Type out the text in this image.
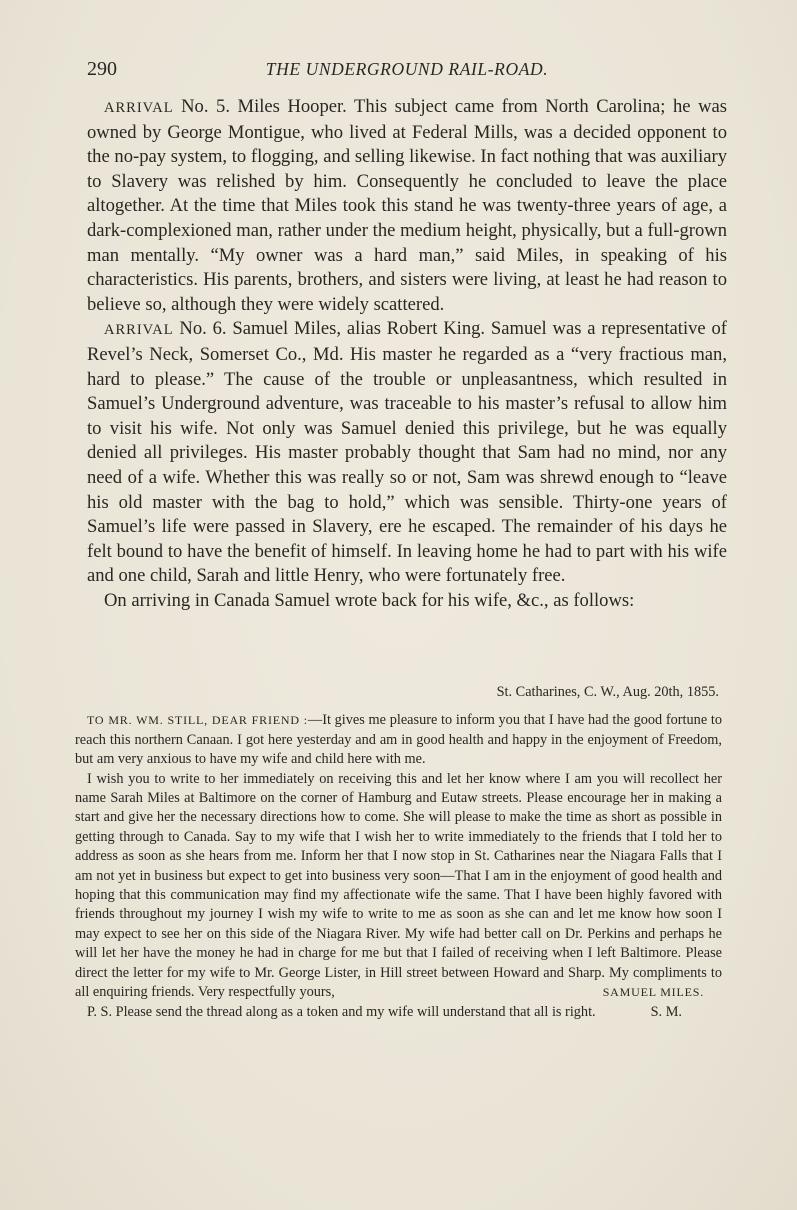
290	THE UNDERGROUND RAIL-ROAD.

ARRIVAL No. 5. Miles Hooper. This subject came from North Carolina; he was owned by George Montigue, who lived at Federal Mills, was a decided opponent to the no-pay system, to flogging, and selling likewise. In fact nothing that was auxiliary to Slavery was relished by him. Consequently he concluded to leave the place altogether. At the time that Miles took this stand he was twenty-three years of age, a dark-complexioned man, rather under the medium height, physically, but a full-grown man mentally. “My owner was a hard man,” said Miles, in speaking of his characteristics. His parents, brothers, and sisters were living, at least he had reason to believe so, although they were widely scattered.

ARRIVAL No. 6. Samuel Miles, alias Robert King. Samuel was a representative of Revel’s Neck, Somerset Co., Md. His master he regarded as a “very fractious man, hard to please.” The cause of the trouble or unpleasantness, which resulted in Samuel’s Underground adventure, was traceable to his master’s refusal to allow him to visit his wife. Not only was Samuel denied this privilege, but he was equally denied all privileges. His master probably thought that Sam had no mind, nor any need of a wife. Whether this was really so or not, Sam was shrewd enough to “leave his old master with the bag to hold,” which was sensible. Thirty-one years of Samuel’s life were passed in Slavery, ere he escaped. The remainder of his days he felt bound to have the benefit of himself. In leaving home he had to part with his wife and one child, Sarah and little Henry, who were fortunately free.

On arriving in Canada Samuel wrote back for his wife, &c., as follows:

St. Catharines, C. W., Aug. 20th, 1855.

TO MR. WM. STILL, DEAR FRIEND :—It gives me pleasure to inform you that I have had the good fortune to reach this northern Canaan. I got here yesterday and am in good health and happy in the enjoyment of Freedom, but am very anxious to have my wife and child here with me.

I wish you to write to her immediately on receiving this and let her know where I am you will recollect her name Sarah Miles at Baltimore on the corner of Hamburg and Eutaw streets. Please encourage her in making a start and give her the necessary directions how to come. She will please to make the time as short as possible in getting through to Canada. Say to my wife that I wish her to write immediately to the friends that I told her to address as soon as she hears from me. Inform her that I now stop in St. Catharines near the Niagara Falls that I am not yet in business but expect to get into business very soon—That I am in the enjoyment of good health and hoping that this communication may find my affectionate wife the same. That I have been highly favored with friends throughout my journey I wish my wife to write to me as soon as she can and let me know how soon I may expect to see her on this side of the Niagara River. My wife had better call on Dr. Perkins and perhaps he will let her have the money he had in charge for me but that I failed of receiving when I left Baltimore. Please direct the letter for my wife to Mr. George Lister, in Hill street between Howard and Sharp. My compliments to all enquiring friends. Very respectfully yours,	SAMUEL MILES.

P. S. Please send the thread along as a token and my wife will understand that all is right.	S. M.
